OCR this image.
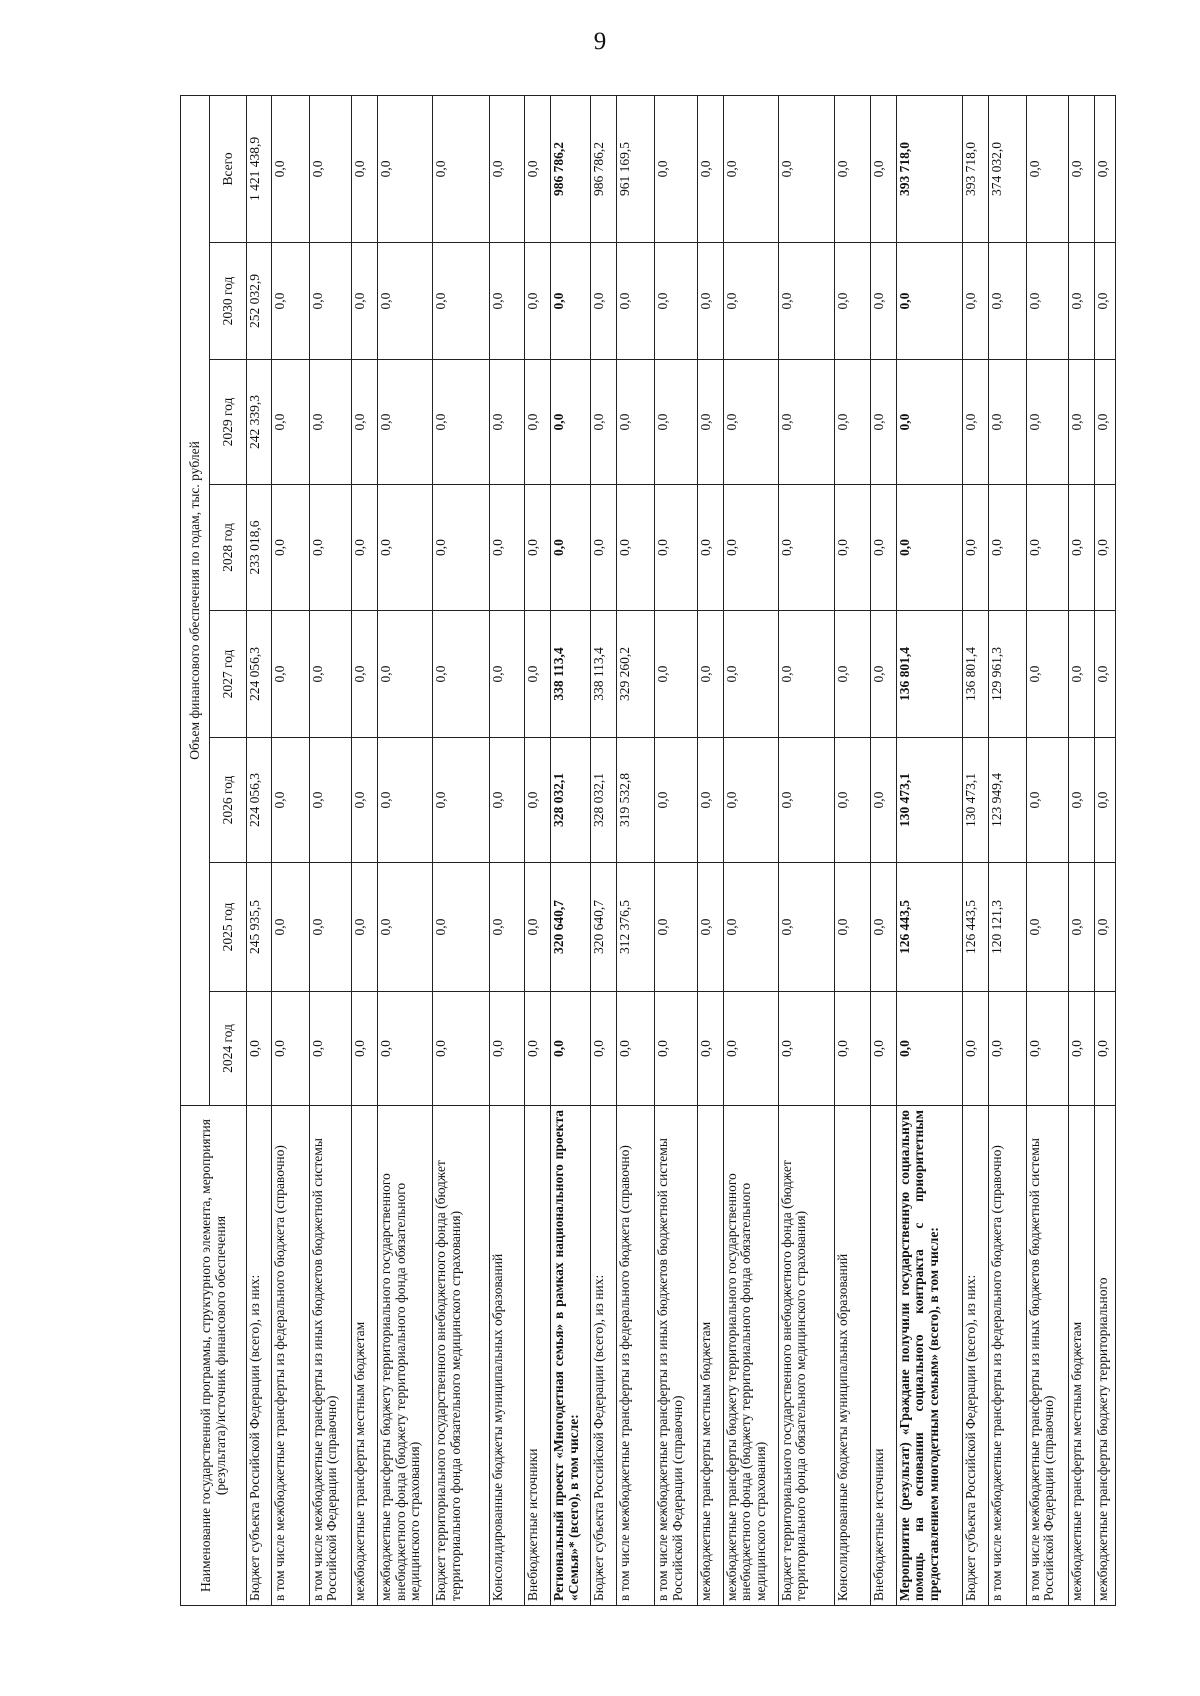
9
Наименование государственной программы, структурного элемента, мероприятия (результата)/источник финансового обеспечения	Объем финансового обеспечения по годам, тыс. рублей							
	2024 год	2025 год	2026 год	2027 год	2028 год	2029 год	2030 год	Всего
Бюджет субъекта Российской Федерации (всего), из них:	0,0	245 935,5	224 056,3	224 056,3	233 018,6	242 339,3	252 032,9	1 421 438,9
в том числе межбюджетные трансферты из федерального бюджета (справочно)	0,0	0,0	0,0	0,0	0,0	0,0	0,0	0,0
в том числе межбюджетные трансферты из иных бюджетов бюджетной системы Российской Федерации (справочно)	0,0	0,0	0,0	0,0	0,0	0,0	0,0	0,0
межбюджетные трансферты местным бюджетам	0,0	0,0	0,0	0,0	0,0	0,0	0,0	0,0
межбюджетные трансферты бюджету территориального государственного внебюджетного фонда (бюджету территориального фонда обязательного медицинского страхования)	0,0	0,0	0,0	0,0	0,0	0,0	0,0	0,0
Бюджет территориального государственного внебюджетного фонда (бюджет территориального фонда обязательного медицинского страхования)	0,0	0,0	0,0	0,0	0,0	0,0	0,0	0,0
Консолидированные бюджеты муниципальных образований	0,0	0,0	0,0	0,0	0,0	0,0	0,0	0,0
Внебюджетные источники	0,0	0,0	0,0	0,0	0,0	0,0	0,0	0,0
Региональный проект «Многодетная семья» в рамках национального проекта «Семья»* (всего), в том числе:	0,0	320 640,7	328 032,1	338 113,4	0,0	0,0	0,0	986 786,2
Бюджет субъекта Российской Федерации (всего), из них:	0,0	320 640,7	328 032,1	338 113,4	0,0	0,0	0,0	986 786,2
в том числе межбюджетные трансферты из федерального бюджета (справочно)	0,0	312 376,5	319 532,8	329 260,2	0,0	0,0	0,0	961 169,5
в том числе межбюджетные трансферты из иных бюджетов бюджетной системы Российской Федерации (справочно)	0,0	0,0	0,0	0,0	0,0	0,0	0,0	0,0
межбюджетные трансферты местным бюджетам	0,0	0,0	0,0	0,0	0,0	0,0	0,0	0,0
межбюджетные трансферты бюджету территориального государственного внебюджетного фонда (бюджету территориального фонда обязательного медицинского страхования)	0,0	0,0	0,0	0,0	0,0	0,0	0,0	0,0
Бюджет территориального государственного внебюджетного фонда (бюджет территориального фонда обязательного медицинского страхования)	0,0	0,0	0,0	0,0	0,0	0,0	0,0	0,0
Консолидированные бюджеты муниципальных образований	0,0	0,0	0,0	0,0	0,0	0,0	0,0	0,0
Внебюджетные источники	0,0	0,0	0,0	0,0	0,0	0,0	0,0	0,0
Мероприятие (результат) «Граждане получили государственную социальную помощь на основании социального контракта с приоритетным предоставлением многодетным семьям» (всего), в том числе:	0,0	126 443,5	130 473,1	136 801,4	0,0	0,0	0,0	393 718,0
Бюджет субъекта Российской Федерации (всего), из них:	0,0	126 443,5	130 473,1	136 801,4	0,0	0,0	0,0	393 718,0
в том числе межбюджетные трансферты из федерального бюджета (справочно)	0,0	120 121,3	123 949,4	129 961,3	0,0	0,0	0,0	374 032,0
в том числе межбюджетные трансферты из иных бюджетов бюджетной системы Российской Федерации (справочно)	0,0	0,0	0,0	0,0	0,0	0,0	0,0	0,0
межбюджетные трансферты местным бюджетам	0,0	0,0	0,0	0,0	0,0	0,0	0,0	0,0
межбюджетные трансферты бюджету территориального	0,0	0,0	0,0	0,0	0,0	0,0	0,0	0,0
